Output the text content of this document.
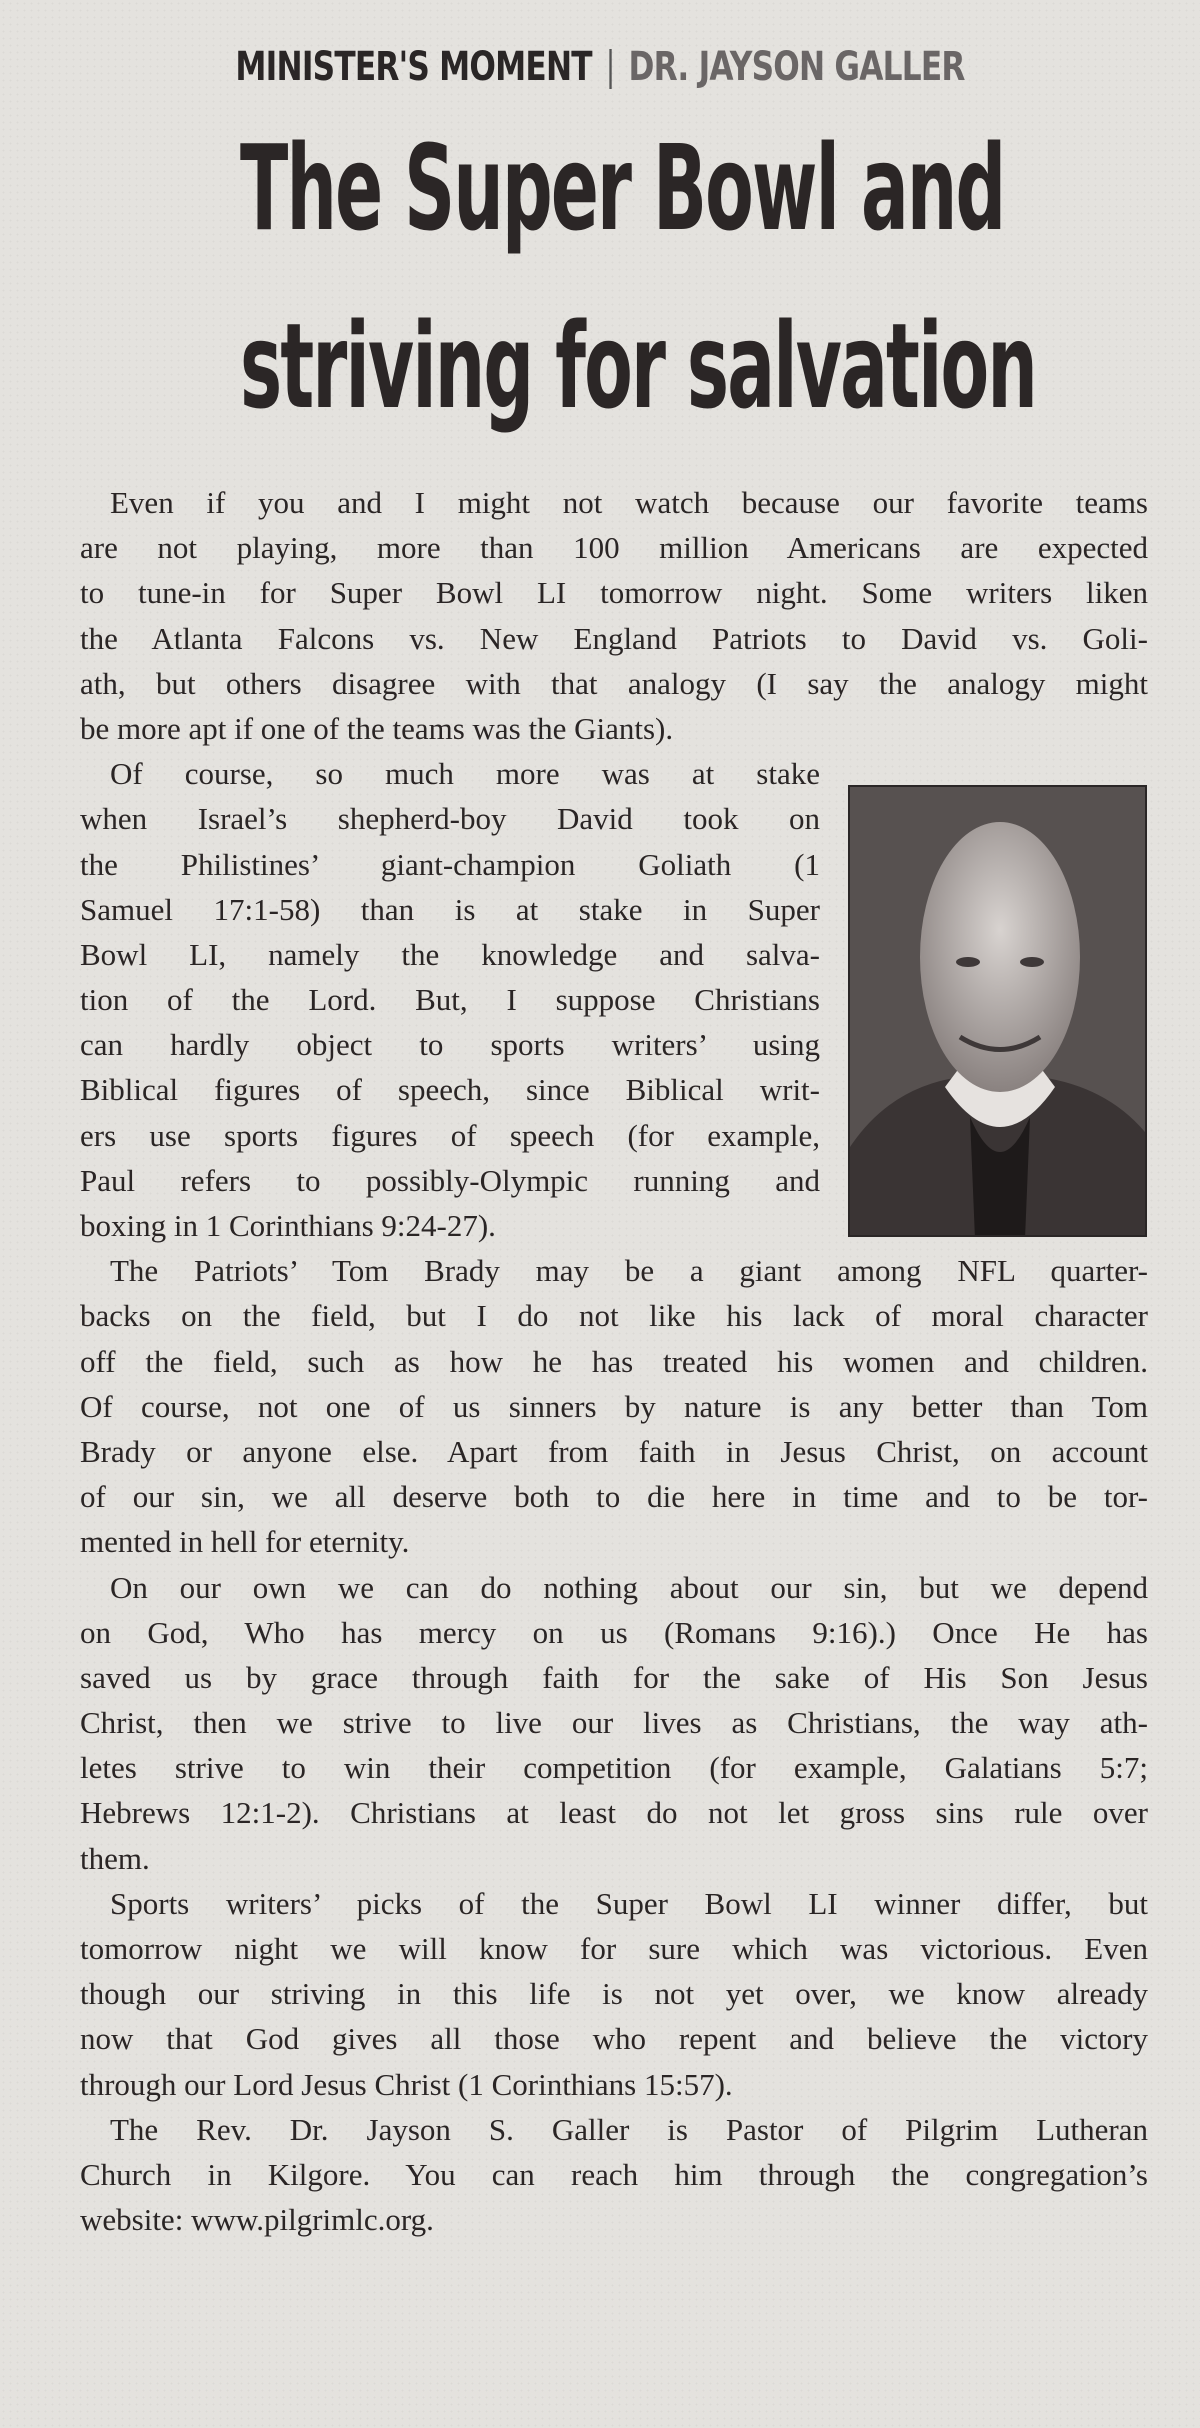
MINISTER'S MOMENT DR. JAYSON GALLER
The Super Bowl and
striving for salvation
Even if you and I might not watch because our favorite teams
are not playing, more than 100 million Americans are expected
to tune-in for Super Bowl LI tomorrow night. Some writers liken
the Atlanta Falcons vs. New England Patriots to David vs. Goli-
ath, but others disagree with that analogy (I say the analogy might
be more apt if one of the teams was the Giants).
Of course, so much more was at stake
when Israel’s shepherd-boy David took on
the Philistines’ giant-champion Goliath (1
Samuel 17:1-58) than is at stake in Super
Bowl LI, namely the knowledge and salva-
tion of the Lord. But, I suppose Christians
can hardly object to sports writers’ using
Biblical figures of speech, since Biblical writ-
ers use sports figures of speech (for example,
Paul refers to possibly-Olympic running and
boxing in 1 Corinthians 9:24-27).
The Patriots’ Tom Brady may be a giant among NFL quarter-
backs on the field, but I do not like his lack of moral character
off the field, such as how he has treated his women and children.
Of course, not one of us sinners by nature is any better than Tom
Brady or anyone else. Apart from faith in Jesus Christ, on account
of our sin, we all deserve both to die here in time and to be tor-
mented in hell for eternity.
On our own we can do nothing about our sin, but we depend
on God, Who has mercy on us (Romans 9:16).) Once He has
saved us by grace through faith for the sake of His Son Jesus
Christ, then we strive to live our lives as Christians, the way ath-
letes strive to win their competition (for example, Galatians 5:7;
Hebrews 12:1-2). Christians at least do not let gross sins rule over
them.
Sports writers’ picks of the Super Bowl LI winner differ, but
tomorrow night we will know for sure which was victorious. Even
though our striving in this life is not yet over, we know already
now that God gives all those who repent and believe the victory
through our Lord Jesus Christ (1 Corinthians 15:57).
The Rev. Dr. Jayson S. Galler is Pastor of Pilgrim Lutheran
Church in Kilgore. You can reach him through the congregation’s
website: www.pilgrimlc.org.
